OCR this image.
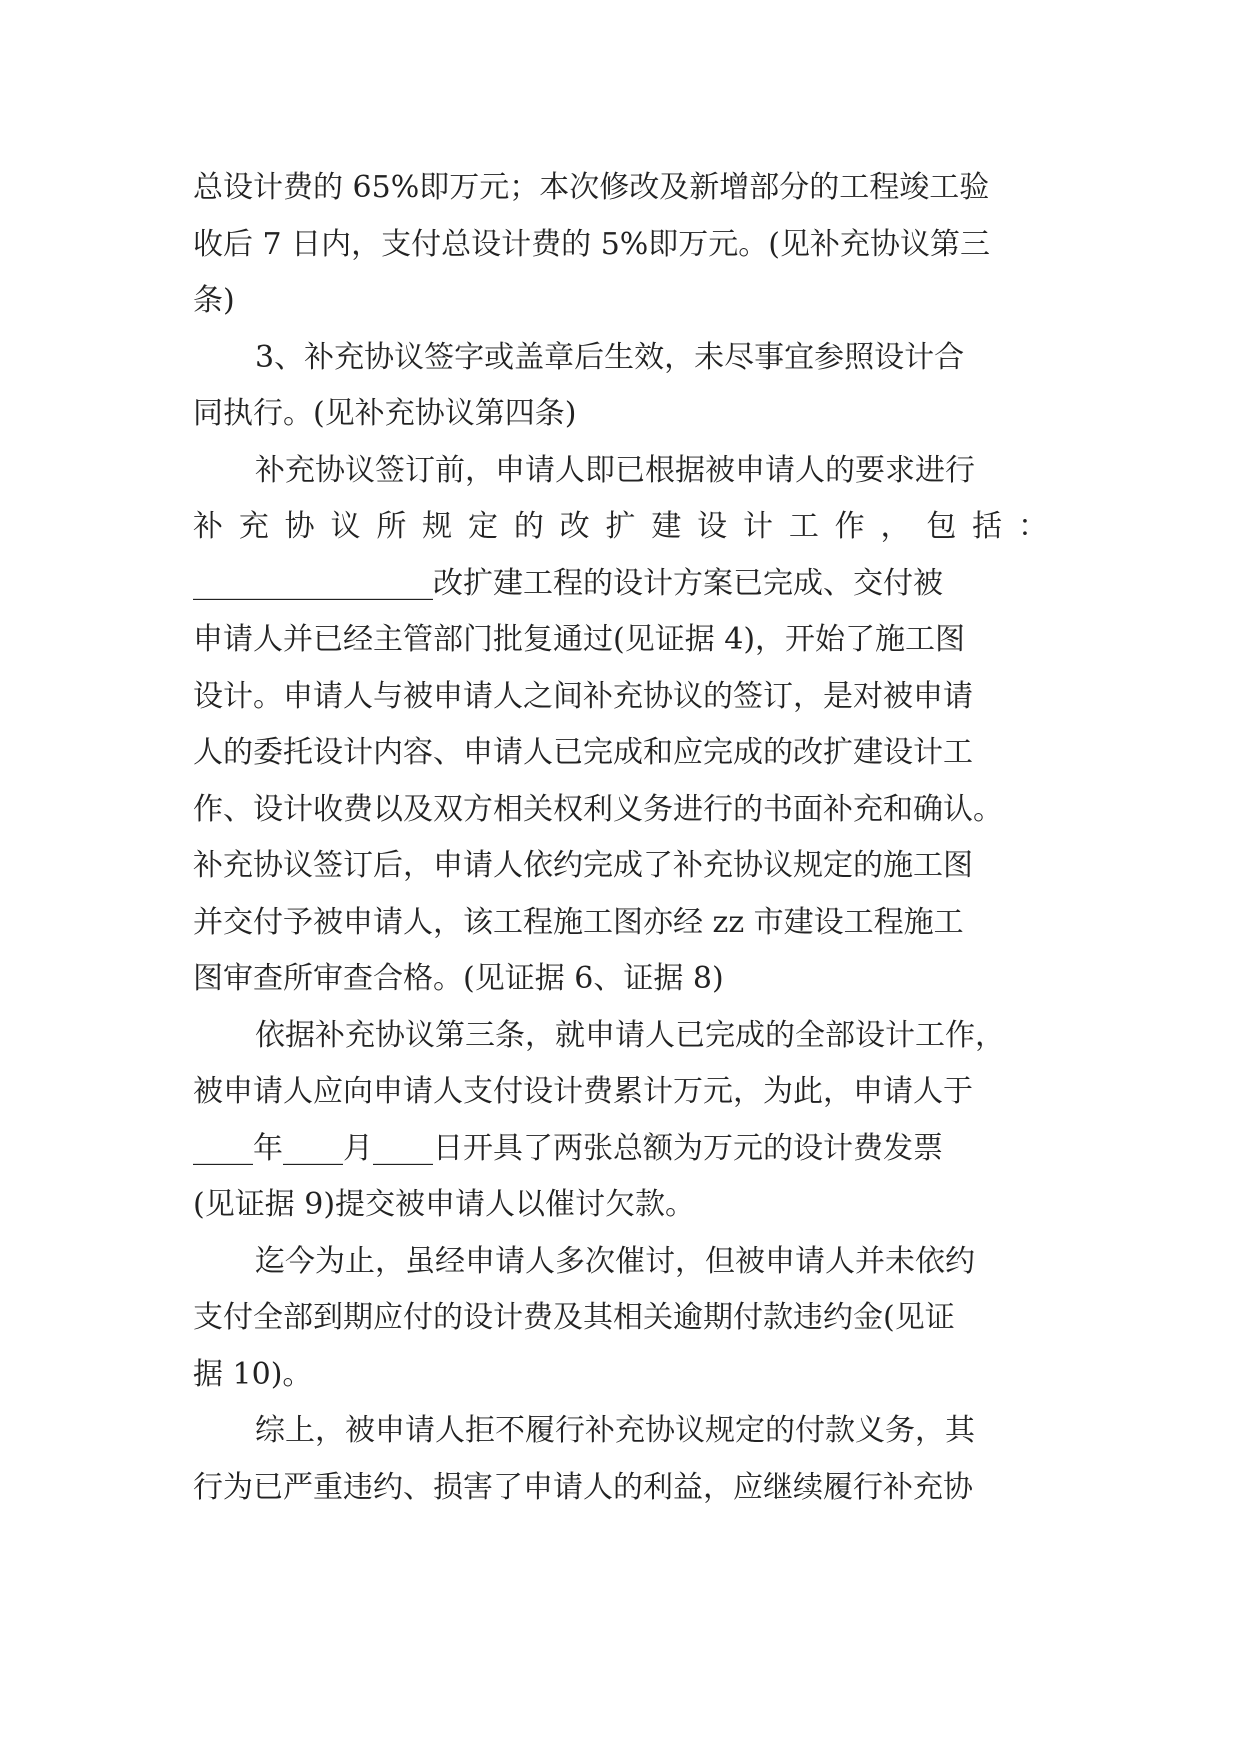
总设计费的 65%即万元；本次修改及新增部分的工程竣工验
收后 7 日内，支付总设计费的 5%即万元。(见补充协议第三
条)

3、补充协议签字或盖章后生效，未尽事宜参照设计合
同执行。(见补充协议第四条)

补充协议签订前，申请人即已根据被申请人的要求进行
补 充 协 议 所 规 定 的 改 扩 建 设 计 工 作 ， 包 括 ：
________________改扩建工程的设计方案已完成、交付被
申请人并已经主管部门批复通过(见证据 4)，开始了施工图
设计。申请人与被申请人之间补充协议的签订，是对被申请
人的委托设计内容、申请人已完成和应完成的改扩建设计工
作、设计收费以及双方相关权利义务进行的书面补充和确认。
补充协议签订后，申请人依约完成了补充协议规定的施工图
并交付予被申请人，该工程施工图亦经 zz 市建设工程施工
图审查所审查合格。(见证据 6、证据 8)

依据补充协议第三条，就申请人已完成的全部设计工作，
被申请人应向申请人支付设计费累计万元，为此，申请人于
____年____月____日开具了两张总额为万元的设计费发票
(见证据 9)提交被申请人以催讨欠款。

迄今为止，虽经申请人多次催讨，但被申请人并未依约
支付全部到期应付的设计费及其相关逾期付款违约金(见证
据 10)。

综上，被申请人拒不履行补充协议规定的付款义务，其
行为已严重违约、损害了申请人的利益，应继续履行补充协
